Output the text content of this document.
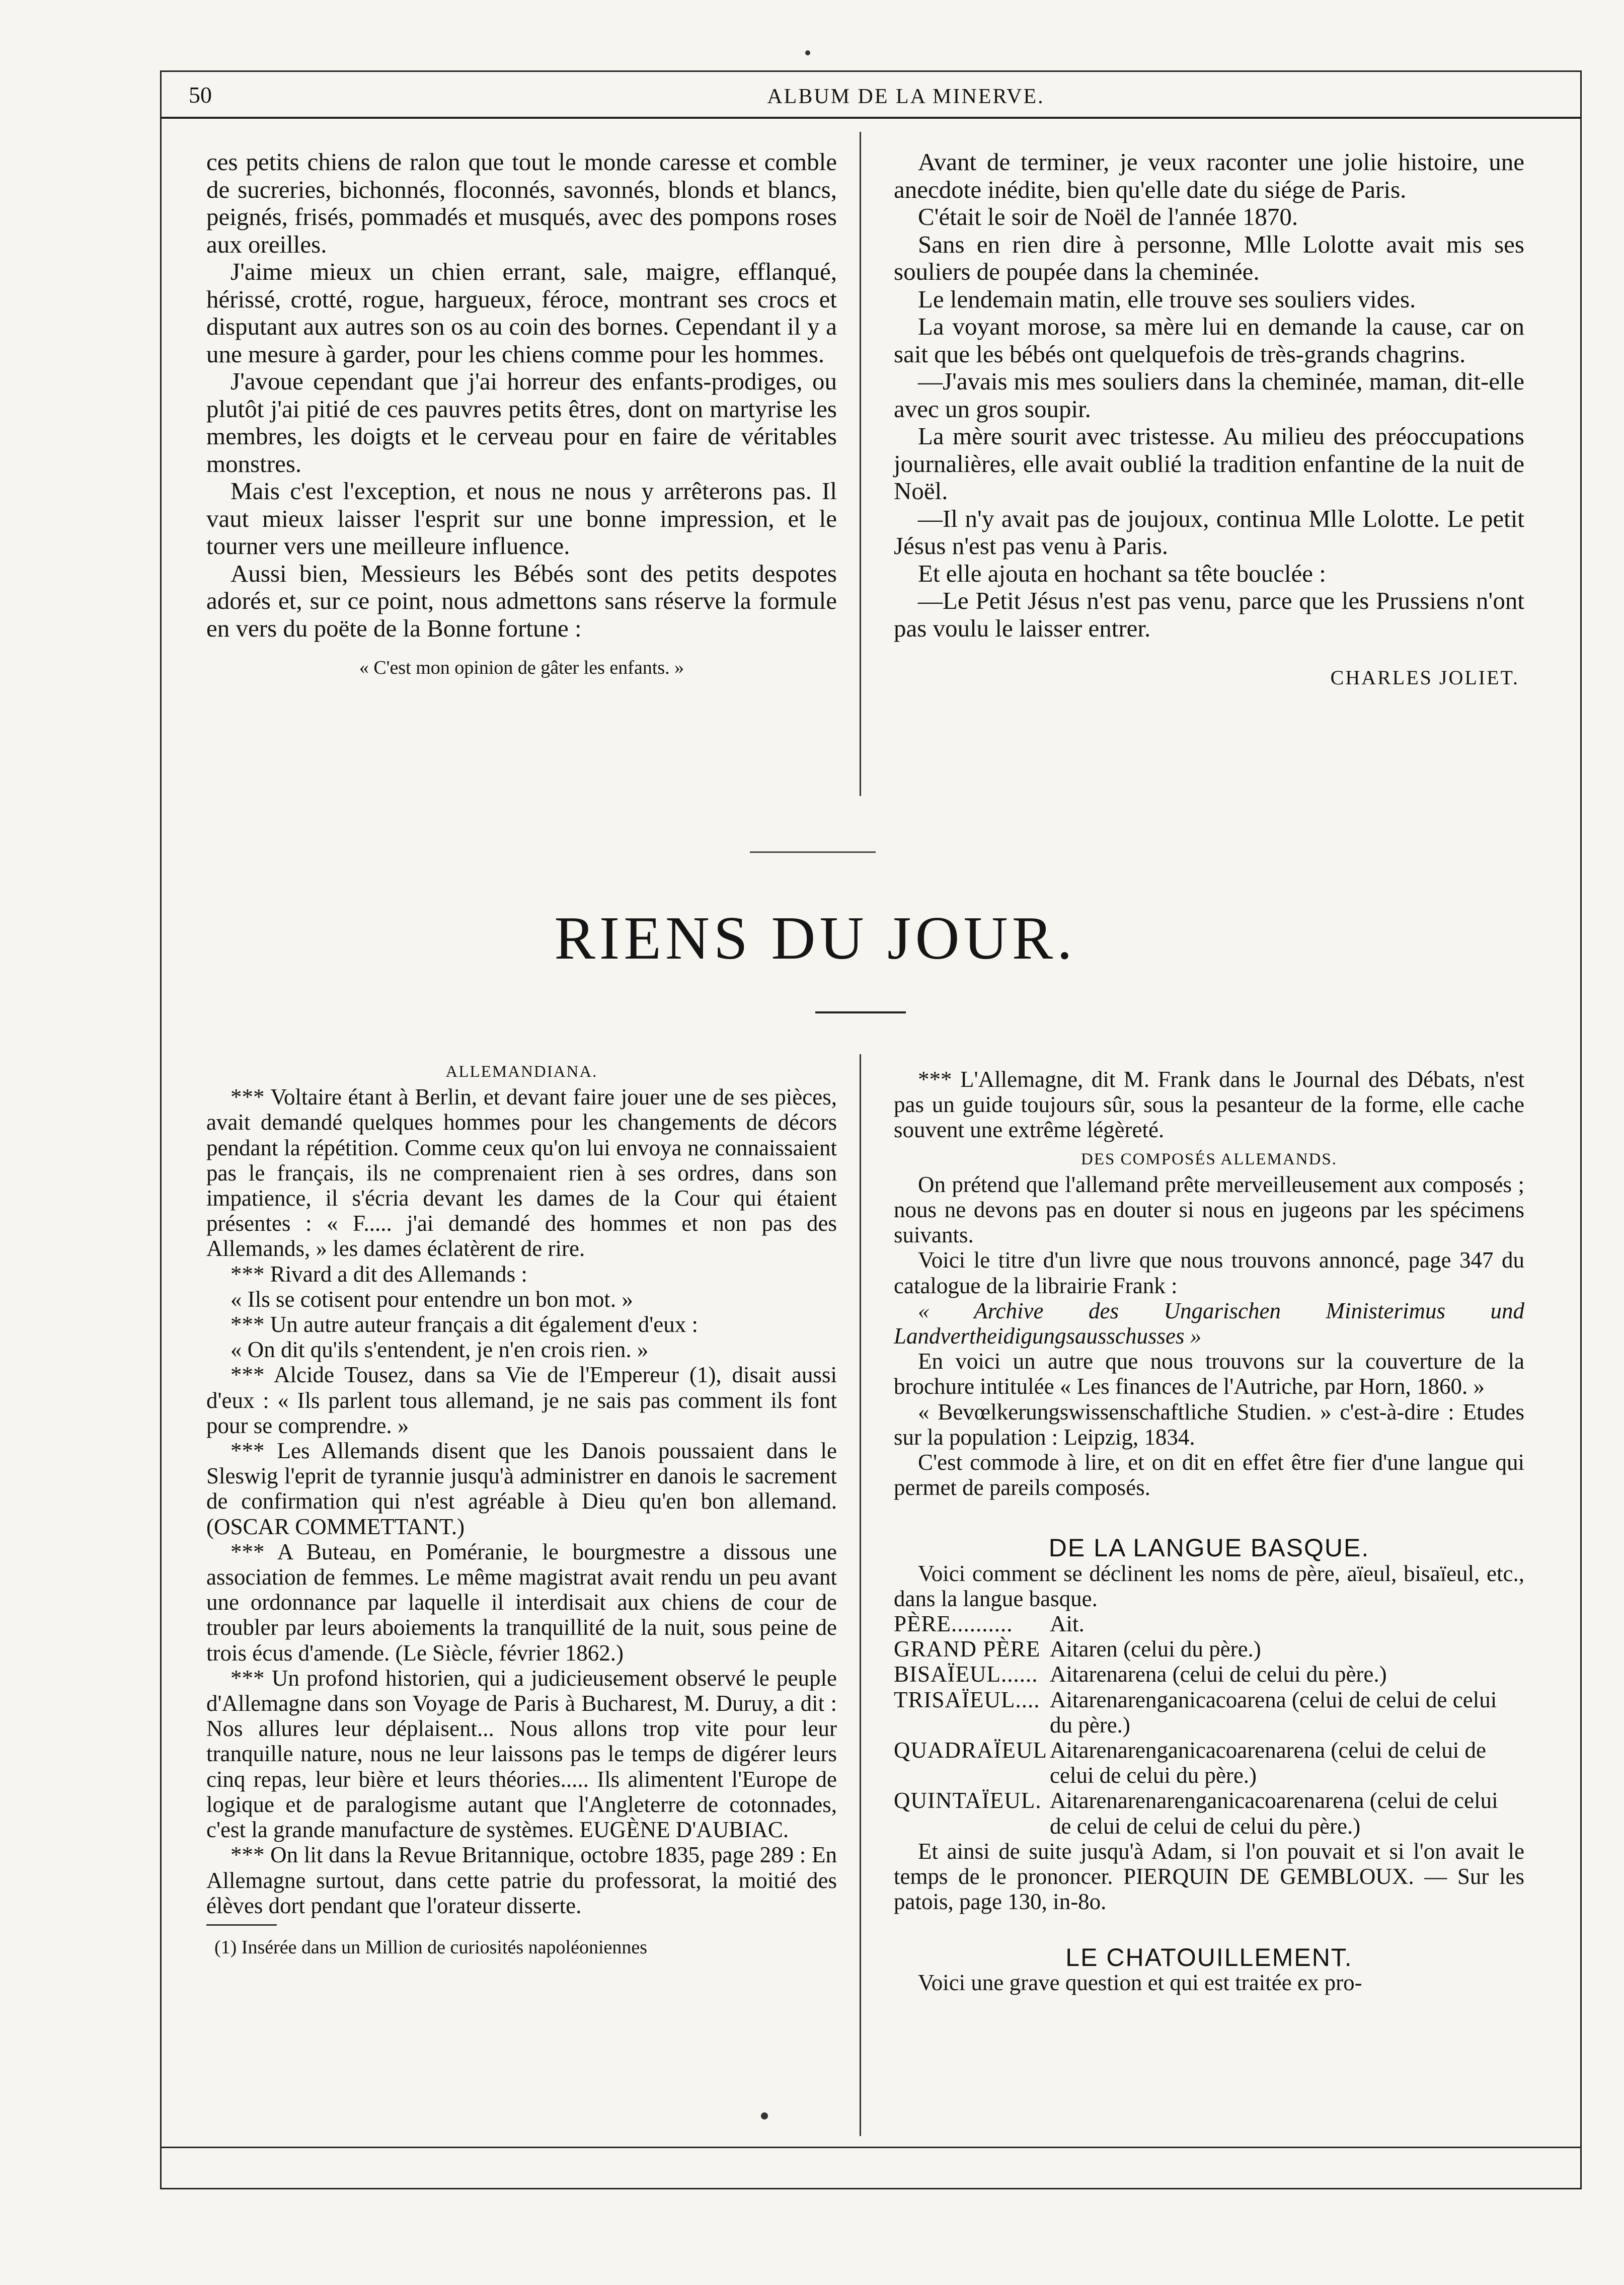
50	ALBUM DE LA MINERVE.

ces petits chiens de ralon que tout le monde caresse et comble de sucreries, bichonnés, floconnés, savonnés, blonds et blancs, peignés, frisés, pommadés et musqués, avec des pompons roses aux oreilles.

J'aime mieux un chien errant, sale, maigre, efflanqué, hérissé, crotté, rogue, hargueux, féroce, montrant ses crocs et disputant aux autres son os au coin des bornes. Cependant il y a une mesure à garder, pour les chiens comme pour les hommes.

J'avoue cependant que j'ai horreur des enfants-prodiges, ou plutôt j'ai pitié de ces pauvres petits êtres, dont on martyrise les membres, les doigts et le cerveau pour en faire de véritables monstres.

Mais c'est l'exception, et nous ne nous y arrêterons pas. Il vaut mieux laisser l'esprit sur une bonne impression, et le tourner vers une meilleure influence.

Aussi bien, Messieurs les Bébés sont des petits despotes adorés et, sur ce point, nous admettons sans réserve la formule en vers du poëte de la Bonne fortune :

« C'est mon opinion de gâter les enfants. »

Avant de terminer, je veux raconter une jolie histoire, une anecdote inédite, bien qu'elle date du siége de Paris.

C'était le soir de Noël de l'année 1870.

Sans en rien dire à personne, Mlle Lolotte avait mis ses souliers de poupée dans la cheminée.

Le lendemain matin, elle trouve ses souliers vides.

La voyant morose, sa mère lui en demande la cause, car on sait que les bébés ont quelquefois de très-grands chagrins.

—J'avais mis mes souliers dans la cheminée, maman, dit-elle avec un gros soupir.

La mère sourit avec tristesse. Au milieu des préoccupations journalières, elle avait oublié la tradition enfantine de la nuit de Noël.

—Il n'y avait pas de joujoux, continua Mlle Lolotte. Le petit Jésus n'est pas venu à Paris.

Et elle ajouta en hochant sa tête bouclée :

—Le Petit Jésus n'est pas venu, parce que les Prussiens n'ont pas voulu le laisser entrer.

CHARLES JOLIET.
RIENS DU JOUR.
ALLEMANDIANA.

*** Voltaire étant à Berlin, et devant faire jouer une de ses pièces, avait demandé quelques hommes pour les changements de décors pendant la répétition. Comme ceux qu'on lui envoya ne connaissaient pas le français, ils ne comprenaient rien à ses ordres, dans son impatience, il s'écria devant les dames de la Cour qui étaient présentes : « F..... j'ai demandé des hommes et non pas des Allemands, » les dames éclatèrent de rire.

*** Rivard a dit des Allemands :

« Ils se cotisent pour entendre un bon mot. »

*** Un autre auteur français a dit également d'eux :

« On dit qu'ils s'entendent, je n'en crois rien. »

*** Alcide Tousez, dans sa Vie de l'Empereur (1), disait aussi d'eux : « Ils parlent tous allemand, je ne sais pas comment ils font pour se comprendre. »

*** Les Allemands disent que les Danois poussaient dans le Sleswig l'eprit de tyrannie jusqu'à administrer en danois le sacrement de confirmation qui n'est agréable à Dieu qu'en bon allemand. (OSCAR COMMETTANT.)

*** A Buteau, en Poméranie, le bourgmestre a dissous une association de femmes. Le même magistrat avait rendu un peu avant une ordonnance par laquelle il interdisait aux chiens de cour de troubler par leurs aboiements la tranquillité de la nuit, sous peine de trois écus d'amende. (Le Siècle, février 1862.)

*** Un profond historien, qui a judicieusement observé le peuple d'Allemagne dans son Voyage de Paris à Bucharest, M. Duruy, a dit : Nos allures leur déplaisent... Nous allons trop vite pour leur tranquille nature, nous ne leur laissons pas le temps de digérer leurs cinq repas, leur bière et leurs théories..... Ils alimentent l'Europe de logique et de paralogisme autant que l'Angleterre de cotonnades, c'est la grande manufacture de systèmes. EUGÈNE D'AUBIAC.

*** On lit dans la Revue Britannique, octobre 1835, page 289 : En Allemagne surtout, dans cette patrie du professorat, la moitié des élèves dort pendant que l'orateur disserte.

(1) Insérée dans un Million de curiosités napoléoniennes

*** L'Allemagne, dit M. Frank dans le Journal des Débats, n'est pas un guide toujours sûr, sous la pesanteur de la forme, elle cache souvent une extrême légèreté.

DES COMPOSÉS ALLEMANDS.

On prétend que l'allemand prête merveilleusement aux composés ; nous ne devons pas en douter si nous en jugeons par les spécimens suivants.

Voici le titre d'un livre que nous trouvons annoncé, page 347 du catalogue de la librairie Frank :

« Archive des Ungarischen Ministerimus und Landvertheidigungsausschusses »

En voici un autre que nous trouvons sur la couverture de la brochure intitulée « Les finances de l'Autriche, par Horn, 1860. »

« Bevœlkerungswissenschaftliche Studien. » c'est-à-dire : Etudes sur la population : Leipzig, 1834.

C'est commode à lire, et on dit en effet être fier d'une langue qui permet de pareils composés.

DE LA LANGUE BASQUE.

Voici comment se déclinent les noms de père, aïeul, bisaïeul, etc., dans la langue basque.

PÈRE..........	Ait.
GRAND PÈRE Aitaren (celui du père.)
BISAÏEUL...... Aitarenarena (celui de celui du père.)
TRISAÏEUL.... Aitarenarenganicacoarena (celui de celui de celui du père.)
QUADRAÏEUL Aitarenarenganicacoarenarena (celui de celui de celui de celui du père.)
QUINTAÏEUL. Aitarenarenarenganicacoarenarena (celui de celui de celui de celui de celui du père.)

Et ainsi de suite jusqu'à Adam, si l'on pouvait et si l'on avait le temps de le prononcer. PIERQUIN DE GEMBLOUX. — Sur les patois, page 130, in-8o.

LE CHATOUILLEMENT.

Voici une grave question et qui est traitée ex pro-
